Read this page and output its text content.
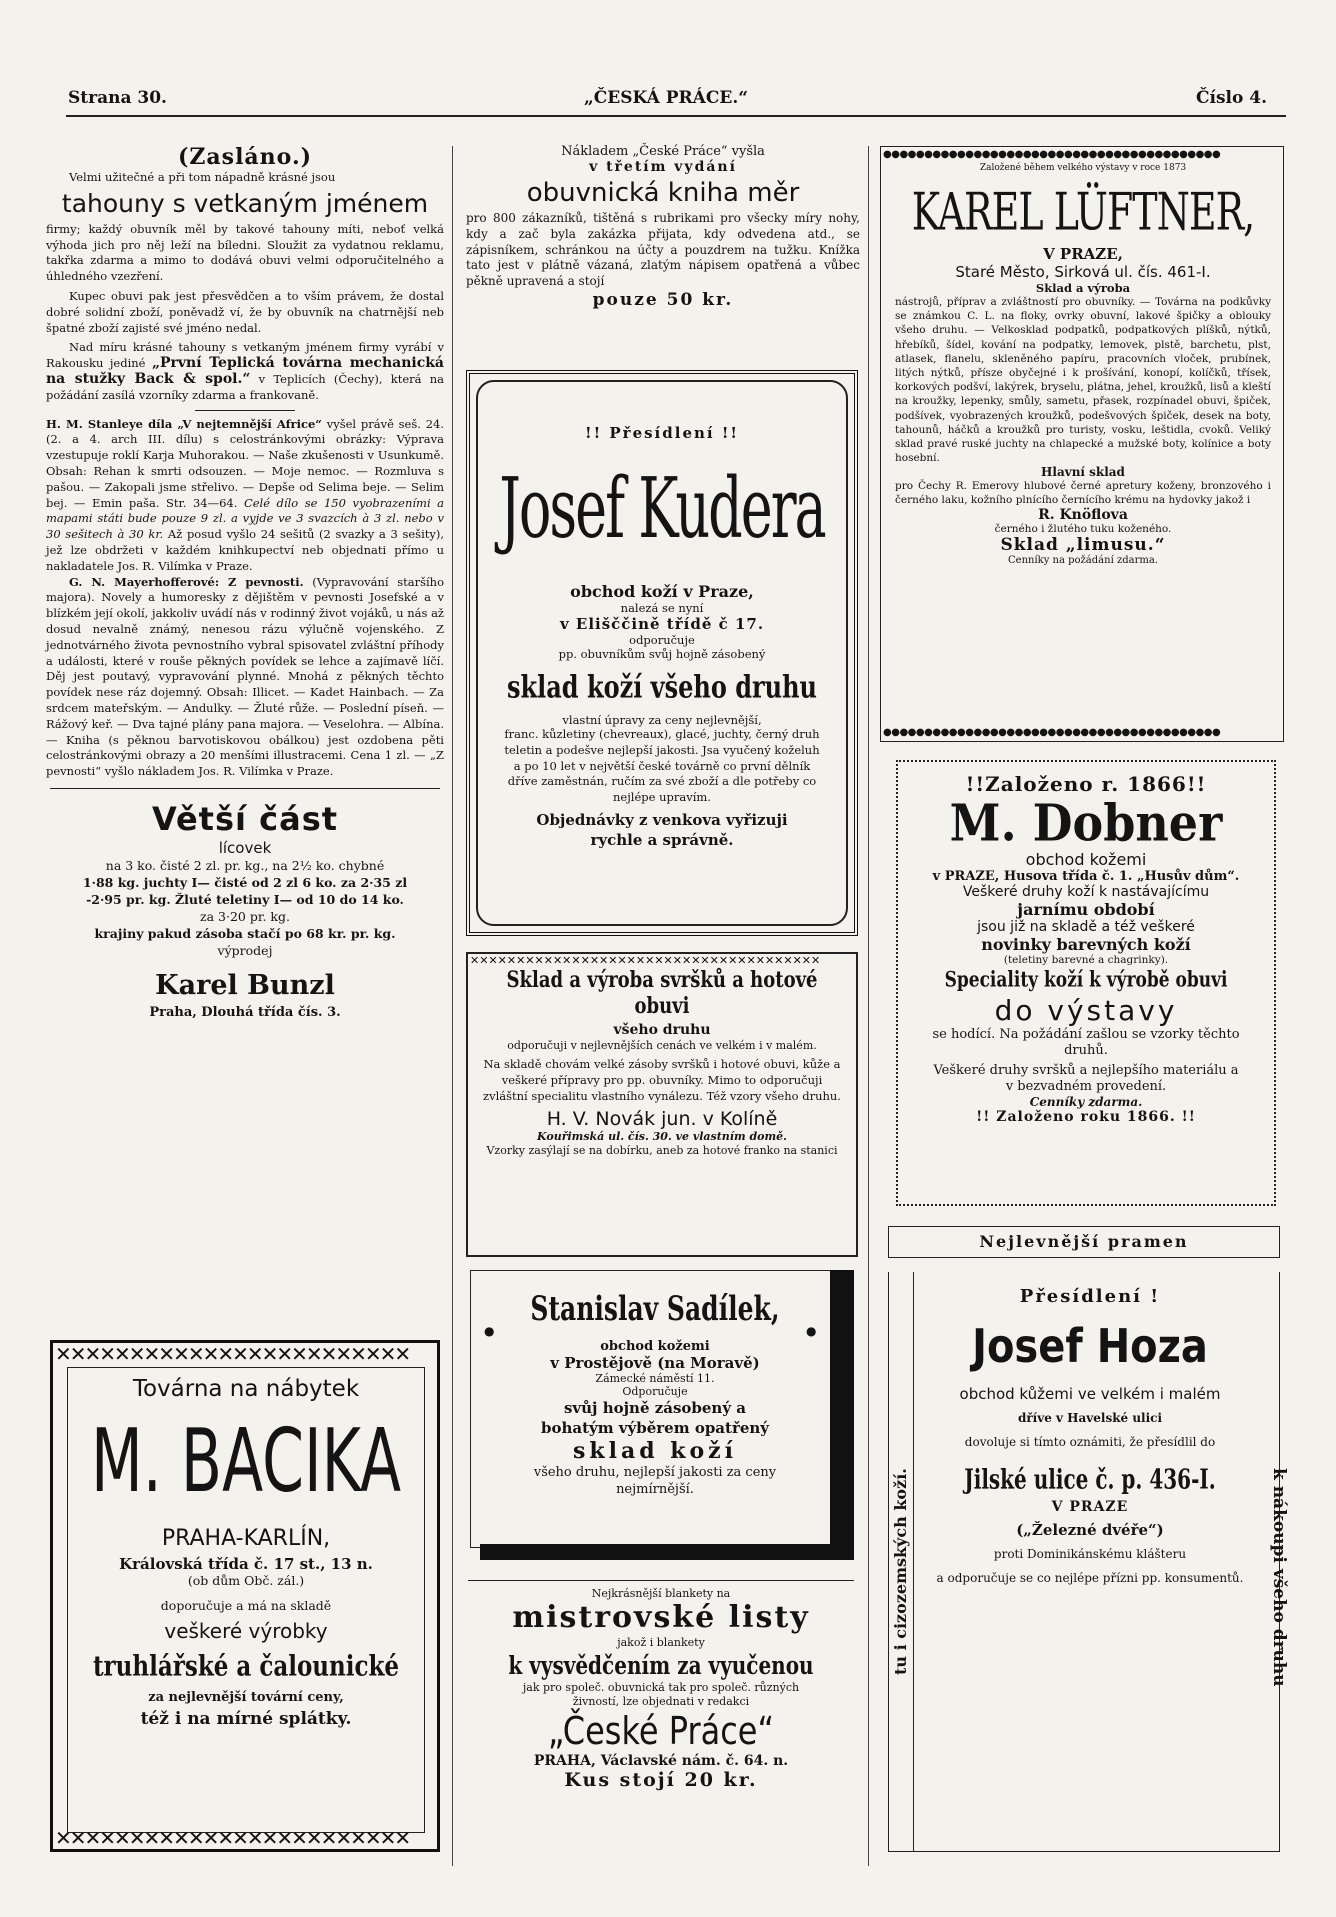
Strana 30.	„ČESKÁ PRÁCE.“	Číslo 4.
(Zasláno.)
Velmi užitečné a při tom nápadně krásné jsou
tahouny s vetkaným jménem
firmy; každý obuvník měl by takové tahouny míti, neboť velká výhoda jich pro něj leží na bíledni. Sloužit za vydatnou reklamu, takřka zdarma a mimo to dodává obuvi velmi odporučitelného a úhledného vzezření.
Kupec obuvi pak jest přesvědčen a to vším právem, že dostal dobré solidní zboží, poněvadž ví, že by obuvník na chatrnější neb špatné zboží zajisté své jméno nedal.
Nad míru krásné tahouny s vetkaným jménem firmy vyrábí v Rakousku jediné „První Teplická továrna mechanická na stužky Back & spol.“ v Teplicích (Čechy), která na požádání zasílá vzorníky zdarma a frankovaně.
H. M. Stanleye díla „V nejtemnější Africe“ vyšel právě seš. 24. (2. a 4. arch III. dílu) s celostránkovými obrázky: Výprava vzestupuje roklí Karja Muhorakou. — Naše zkušenosti v Usunkumě. Obsah: Rehan k smrti odsouzen. — Moje nemoc. — Rozmluva s pašou. — Zakopali jsme střelivo. — Depše od Selima beje. — Selim bej. — Emin paša. Str. 34—64. Celé dílo se 150 vyobrazeními a mapami státi bude pouze 9 zl. a vyjde ve 3 svazcích à 3 zl. nebo v 30 sešitech à 30 kr. Až posud vyšlo 24 sešitů (2 svazky a 3 sešity), jež lze obdržeti v každém knihkupectví neb objednati přímo u nakladatele Jos. R. Vilímka v Praze.
G. N. Mayerhofferové: Z pevnosti. (Vypravování staršího majora). Novely a humoresky z dějištěm v pevnosti Josefské a v blízkém její okolí, jakkoliv uvádí nás v rodinný život vojáků, u nás až dosud nevalně známý, nenesou rázu výlučně vojenského. Z jednotvárného života pevnostního vybral spisovatel zvláštní příhody a události, které v rouše pěkných povídek se lehce a zajímavě líčí. Děj jest poutavý, vypravování plynné. Mnohá z pěkných těchto povídek nese ráz dojemný. Obsah: Illicet. — Kadet Hainbach. — Za srdcem mateřským. — Andulky. — Žluté růže. — Poslední píseň. — Rážový keř. — Dva tajné plány pana majora. — Veselohra. — Albína. — Kniha (s pěknou barvotiskovou obálkou) jest ozdobena pěti celostránkovými obrazy a 20 menšími illustracemi. Cena 1 zl. — „Z pevnosti“ vyšlo nákladem Jos. R. Vilímka v Praze.
Větší část
lícovek
na 3 ko. čisté 2 zl. pr. kg., na 2½ ko. chybné
1·88 kg. juchty I— čisté od 2 zl 6 ko. za 2·35 zl
-2·95 pr. kg. Žluté teletiny I— od 10 do 14 ko.
za 3·20 pr. kg.
krajiny pakud zásoba stačí po 68 kr. pr. kg.
výprodej
Karel Bunzl
Praha, Dlouhá třída čís. 3.
✕✕✕✕✕✕✕✕✕✕✕✕✕✕✕✕✕✕✕✕✕✕✕✕
Továrna na nábytek
M. BACIKA
PRAHA-KARLÍN,
Královská třída č. 17 st., 13 n.
(ob dům Obč. zál.)
doporučuje a má na skladě
veškeré výrobky
truhlářské a čalounické
za nejlevnější tovární ceny,
též i na mírné splátky.
✕✕✕✕✕✕✕✕✕✕✕✕✕✕✕✕✕✕✕✕✕✕✕✕
Nákladem „České Práce“ vyšla
v třetím vydání
obuvnická kniha měr
pro 800 zákazníků, tištěná s rubrikami pro všecky míry nohy, kdy a zač byla zakázka přijata, kdy odvedena atd., se zápisníkem, schránkou na účty a pouzdrem na tužku. Knížka tato jest v plátně vázaná, zlatým nápisem opatřená a vůbec pěkně upravená a stojí
pouze 50 kr.
!! Přesídlení !!
Josef Kudera
obchod koží v Praze,
nalezá se nyní
v Elišččině třídě č 17.
odporučuje
pp. obuvníkům svůj hojně zásobený
sklad koží všeho druhu
vlastní úpravy za ceny nejlevnější,
franc. kůzletiny (chevreaux), glacé, juchty, černý druh teletin a podešve nejlepší jakosti. Jsa vyučený koželuh a po 10 let v největší české továrně co první dělník dříve zaměstnán, ručím za své zboží a dle potřeby co nejlépe upravím.
Objednávky z venkova vyřizuji rychle a správně.
✕✕✕✕✕✕✕✕✕✕✕✕✕✕✕✕✕✕✕✕✕✕✕✕✕✕✕✕✕✕✕✕✕✕✕✕✕✕
Sklad a výroba svršků a hotové obuvi
všeho druhu
odporučuji v nejlevnějších cenách ve velkém i v malém.
Na skladě chovám velké zásoby svršků i hotové obuvi, kůže a veškeré přípravy pro pp. obuvníky. Mimo to odporučuji zvláštní specialitu vlastního vynálezu. Též vzory všeho druhu.
H. V. Novák jun. v Kolíně
Kouřimská ul. čís. 30. ve vlastním domě.
Vzorky zasýlají se na dobírku, aneb za hotové franko na stanici
●	●
Stanislav Sadílek,
obchod kožemi
v Prostějově (na Moravě)
Zámecké náměstí 11.
Odporučuje
svůj hojně zásobený a bohatým výběrem opatřený
sklad koží
všeho druhu, nejlepší jakosti za ceny nejmírnější.
Nejkrásnější blankety na
mistrovské listy
jakož i blankety
k vysvědčením za vyučenou
jak pro společ. obuvnická tak pro společ. různých živností, lze objednati v redakci
„České Práce“
PRAHA, Václavské nám. č. 64. n.
Kus stojí 20 kr.
●●●●●●●●●●●●●●●●●●●●●●●●●●●●●●●●●●●●●●●●●
●●●●●●●●●●●●●●●●●●●●●●●●●●●●●●●●●●●●●●●●●
Založené během velkého výstavy v roce 1873
KAREL LÜFTNER,
V PRAZE,
Staré Město, Sirková ul. čís. 461-I.
Sklad a výroba
nástrojů, příprav a zvláštností pro obuvníky. — Továrna na podkůvky se známkou C. L. na floky, ovrky obuvní, lakové špičky a oblouky všeho druhu. — Velkosklad podpatků, podpatkových plíšků, nýtků, hřebíků, šídel, kování na podpatky, lemovek, plstě, barchetu, plst, atlasek, flanelu, skleněného papíru, pracovních vloček, prubínek, litých nýtků, přísze obyčejné i k prošívání, konopí, kolíčků, třísek, korkových podšví, lakýrek, bryselu, plátna, jehel, kroužků, lisů a kleští na kroužky, lepenky, smůly, sametu, přasek, rozpínadel obuvi, špiček, podšívek, vyobrazených kroužků, podešvových špiček, desek na boty, tahounů, háčků a kroužků pro turisty, vosku, leštidla, cvoků. Veliký sklad pravé ruské juchty na chlapecké a mužské boty, kolínice a boty hosební.
Hlavní sklad
pro Čechy R. Emerovy hlubové černé apretury koženy, bronzového i černého laku, kožního plnícího černícího krému na hydovky jakož i
R. Knöflova
černého i žlutého tuku koženého.
Sklad „limusu.“
Cenníky na požádání zdarma.
!!Založeno r. 1866!!
M. Dobner
obchod kožemi
v PRAZE, Husova třída č. 1. „Husův dům“.
Veškeré druhy koží k nastávajícímu
jarnímu období
jsou již na skladě a též veškeré
novinky barevných koží
(teletiny barevné a chagrinky).
Speciality koží k výrobě obuvi
do výstavy
se hodící. Na požádání zašlou se vzorky těchto druhů.
Veškeré druhy svršků a nejlepšího materiálu a v bezvadném provedení.
Cenníky zdarma.
!! Založeno roku 1866. !!
Nejlevnější pramen
tu i cizozemských koží.	k nákoupi všeho druhu
Přesídlení !
Josef Hoza
obchod kůžemi ve velkém i malém
dříve v Havelské ulici
dovoluje si tímto oznámiti, že přesídlil do
Jilské ulice č. p. 436-I.
V PRAZE
(„Železné dvéře“)
proti Dominikánskému klášteru
a odporučuje se co nejlépe přízni pp. konsumentů.
